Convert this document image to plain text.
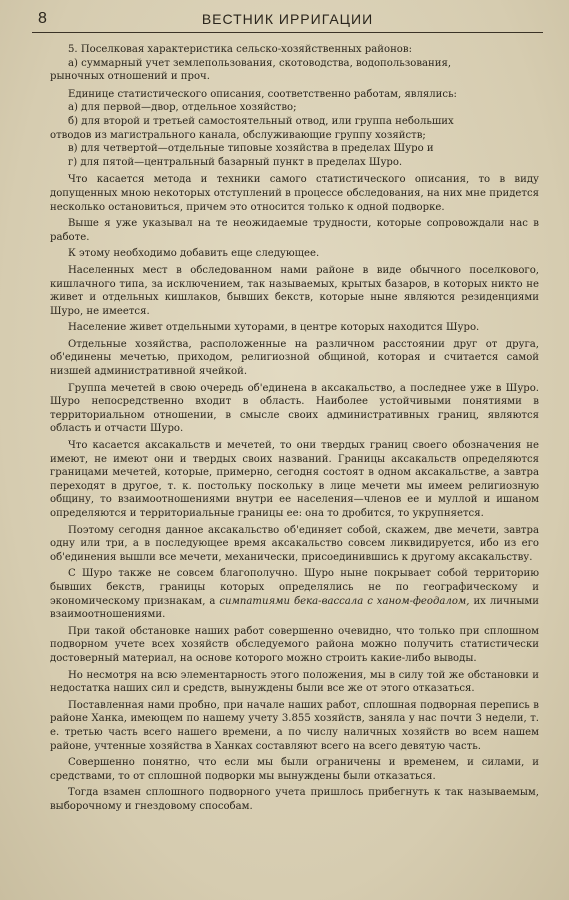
8	ВЕСТНИК ИРРИГАЦИИ

5. Поселковая характеристика сельско-хозяйственных районов:

а) суммарный учет землепользования, скотоводства, водопользования,

рыночных отношений и проч.

Единице статистического описания, соответственно работам, являлись:

а) для первой—двор, отдельное хозяйство;

б) для второй и третьей самостоятельный отвод, или группа небольших

отводов из магистрального канала, обслуживающие группу хозяйств;

в) для четвертой—отдельные типовые хозяйства в пределах Шуро и

г) для пятой—центральный базарный пункт в пределах Шуро.

Что касается метода и техники самого статистического описания, то в виду допущенных мною некоторых отступлений в процессе обследования, на них мне придется несколько остановиться, причем это относится только к одной подворке.

Выше я уже указывал на те неожидаемые трудности, которые сопровождали нас в работе.

К этому необходимо добавить еще следующее.

Населенных мест в обследованном нами районе в виде обычного поселкового, кишлачного типа, за исключением, так называемых, крытых базаров, в которых никто не живет и отдельных кишлаков, бывших бекств, которые ныне являются резиденциями Шуро, не имеется.

Население живет отдельными хуторами, в центре которых находится Шуро.

Отдельные хозяйства, расположенные на различном расстоянии друг от друга, об'единены мечетью, приходом, религиозной общиной, которая и считается самой низшей административной ячейкой.

Группа мечетей в свою очередь об'единена в аксакальство, а последнее уже в Шуро. Шуро непосредственно входит в область. Наиболее устойчивыми понятиями в территориальном отношении, в смысле своих административных границ, являются область и отчасти Шуро.

Что касается аксакальств и мечетей, то они твердых границ своего обозначения не имеют, не имеют они и твердых своих названий. Границы аксакальств определяются границами мечетей, которые, примерно, сегодня состоят в одном аксакальстве, а завтра переходят в другое, т. к. постольку поскольку в лице мечети мы имеем религиозную общину, то взаимоотношениями внутри ее населения—членов ее и муллой и ишаном определяются и территориальные границы ее: она то дробится, то укрупняется.

Поэтому сегодня данное аксакальство об'единяет собой, скажем, две мечети, завтра одну или три, а в последующее время аксакальство совсем ликвидируется, ибо из его об'единения вышли все мечети, механически, присоединившись к другому аксакальству.

С Шуро также не совсем благополучно. Шуро ныне покрывает собой территорию бывших бекств, границы которых определялись не по географическому и экономическому признакам, а симпатиями бека-вассала с ханом-феодалом, их личными взаимоотношениями.

При такой обстановке наших работ совершенно очевидно, что только при сплошном подворном учете всех хозяйств обследуемого района можно получить статистически достоверный материал, на основе которого можно строить какие-либо выводы.

Но несмотря на всю элементарность этого положения, мы в силу той же обстановки и недостатка наших сил и средств, вынуждены были все же от этого отказаться.

Поставленная нами пробно, при начале наших работ, сплошная подворная перепись в районе Ханка, имеющем по нашему учету 3.855 хозяйств, заняла у нас почти 3 недели, т. е. третью часть всего нашего времени, а по числу наличных хозяйств во всем нашем районе, учтенные хозяйства в Ханках составляют всего на всего девятую часть.

Совершенно понятно, что если мы были ограничены и временем, и силами, и средствами, то от сплошной подворки мы вынуждены были отказаться.

Тогда взамен сплошного подворного учета пришлось прибегнуть к так называемым, выборочному и гнездовому способам.
